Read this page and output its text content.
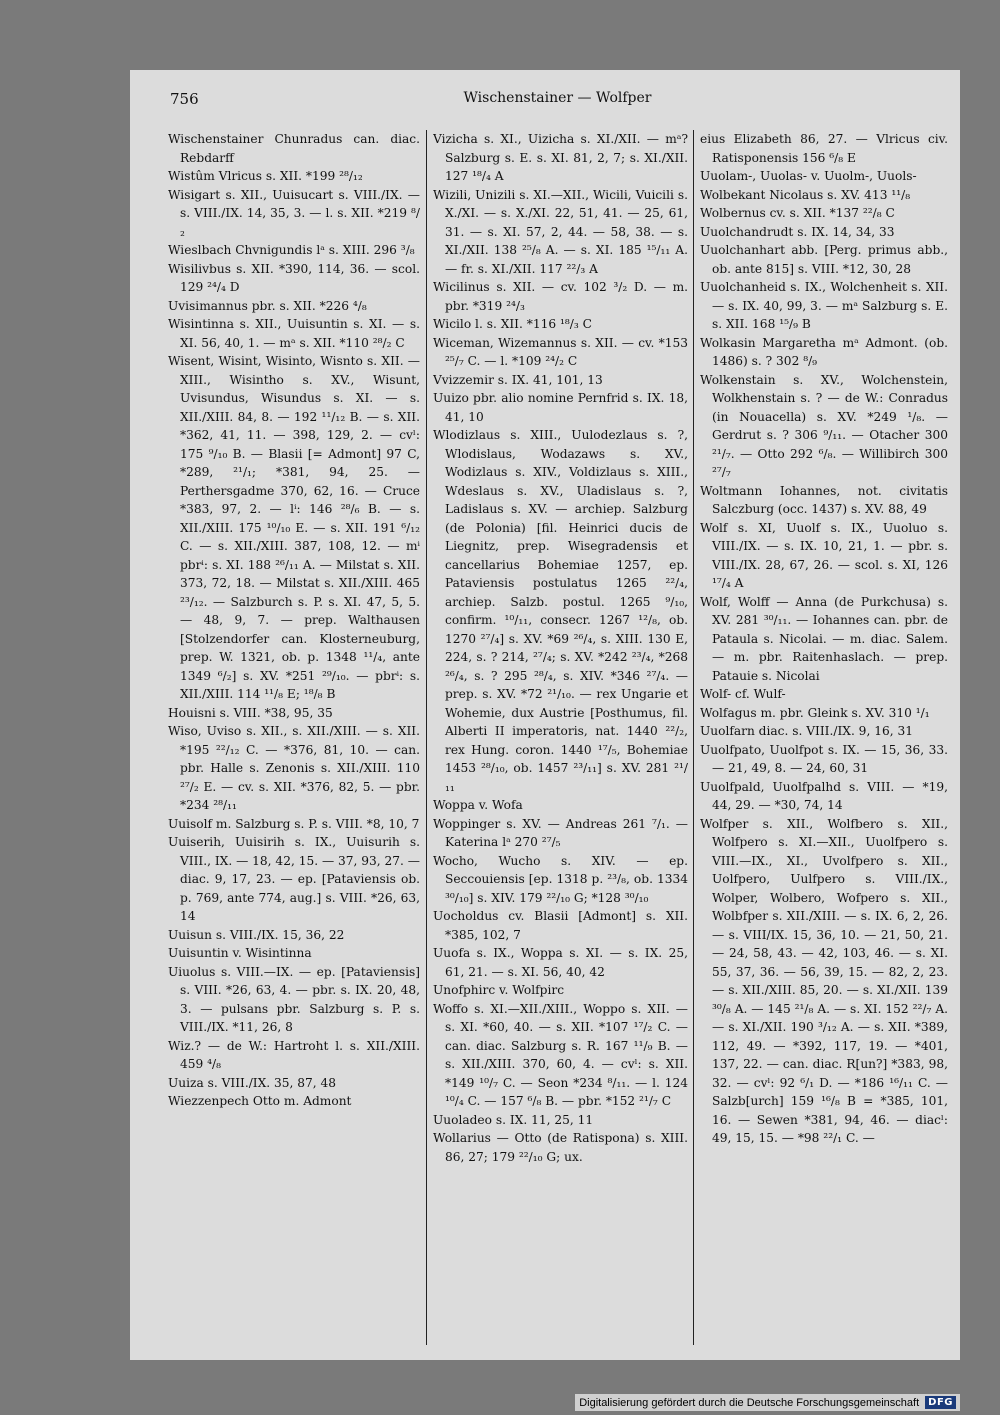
756	Wischenstainer — Wolfper
Wischenstainer Chunradus can. diac. Rebdarff
Wistûm Vlricus s. XII. *199 ²⁸/₁₂
Wisigart s. XII., Uuisucart s. VIII./IX. — s. VIII./IX. 14, 35, 3. — l. s. XII. *219 ⁸/₂
Wieslbach Chvnigundis lᵃ s. XIII. 296 ³/₈
Wisilivbus s. XII. *390, 114, 36. — scol. 129 ²⁴/₄ D
Uvisimannus pbr. s. XII. *226 ⁴/₈
Wisintinna s. XII., Uuisuntin s. XI. — s. XI. 56, 40, 1. — mᵃ s. XII. *110 ²⁸/₂ C
Wisent, Wisint, Wisinto, Wisnto s. XII. — XIII., Wisintho s. XV., Wisunt, Uvisundus, Wisundus s. XI. — s. XII./XIII. 84, 8. — 192 ¹¹/₁₂ B. — s. XII. *362, 41, 11. — 398, 129, 2. — cvˡ: 175 ⁹/₁₀ B. — Blasii [= Admont] 97 C, *289, ²¹/₁; *381, 94, 25. — Perthersgadme 370, 62, 16. — Cruce *383, 97, 2. — lⁱ: 146 ²⁸/₆ B. — s. XII./XIII. 175 ¹⁰/₁₀ E. — s. XII. 191 ⁶/₁₂ C. — s. XII./XIII. 387, 108, 12. — mⁱ pbrⁱ: s. XI. 188 ²⁶/₁₁ A. — Milstat s. XII. 373, 72, 18. — Milstat s. XII./XIII. 465 ²³/₁₂. — Salzburch s. P. s. XI. 47, 5, 5. — 48, 9, 7. — prep. Walthausen [Stolzendorfer can. Klosterneuburg, prep. W. 1321, ob. p. 1348 ¹¹/₄, ante 1349 ⁶/₂] s. XV. *251 ²⁹/₁₀. — pbrⁱ: s. XII./XIII. 114 ¹¹/₈ E; ¹⁸/₈ B
Houisni s. VIII. *38, 95, 35
Wiso, Uviso s. XII., s. XII./XIII. — s. XII. *195 ²²/₁₂ C. — *376, 81, 10. — can. pbr. Halle s. Zenonis s. XII./XIII. 110 ²⁷/₂ E. — cv. s. XII. *376, 82, 5. — pbr. *234 ²⁸/₁₁
Uuisolf m. Salzburg s. P. s. VIII. *8, 10, 7
Uuiserih, Uuisirih s. IX., Uuisurih s. VIII., IX. — 18, 42, 15. — 37, 93, 27. — diac. 9, 17, 23. — ep. [Pataviensis ob. p. 769, ante 774, aug.] s. VIII. *26, 63, 14
Uuisun s. VIII./IX. 15, 36, 22
Uuisuntin v. Wisintinna
Uiuolus s. VIII.—IX. — ep. [Pataviensis] s. VIII. *26, 63, 4. — pbr. s. IX. 20, 48, 3. — pulsans pbr. Salzburg s. P. s. VIII./IX. *11, 26, 8
Wiz.? — de W.: Hartroht l. s. XII./XIII. 459 ⁴/₈
Uuiza s. VIII./IX. 35, 87, 48
Wiezzenpech Otto m. Admont
Vizicha s. XI., Uizicha s. XI./XII. — mᵃ? Salzburg s. E. s. XI. 81, 2, 7; s. XI./XII. 127 ¹⁸/₄ A
Wizili, Unizili s. XI.—XII., Wicili, Vuicili s. X./XI. — s. X./XI. 22, 51, 41. — 25, 61, 31. — s. XI. 57, 2, 44. — 58, 38. — s. XI./XII. 138 ²⁵/₈ A. — s. XI. 185 ¹⁵/₁₁ A. — fr. s. XI./XII. 117 ²²/₃ A
Wicilinus s. XII. — cv. 102 ³/₂ D. — m. pbr. *319 ²⁴/₃
Wicilo l. s. XII. *116 ¹⁸/₃ C
Wiceman, Wizemannus s. XII. — cv. *153 ²⁵/₇ C. — l. *109 ²⁴/₂ C
Vvizzemir s. IX. 41, 101, 13
Uuizo pbr. alio nomine Pernfrid s. IX. 18, 41, 10
Wlodizlaus s. XIII., Uulodezlaus s. ?, Wlodislaus, Wodazaws s. XV., Wodizlaus s. XIV., Voldizlaus s. XIII., Wdeslaus s. XV., Uladislaus s. ?, Ladislaus s. XV. — archiep. Salzburg (de Polonia) [fil. Heinrici ducis de Liegnitz, prep. Wisegradensis et cancellarius Bohemiae 1257, ep. Pataviensis postulatus 1265 ²²/₄, archiep. Salzb. postul. 1265 ⁹/₁₀, confirm. ¹⁰/₁₁, consecr. 1267 ¹²/₈, ob. 1270 ²⁷/₄] s. XV. *69 ²⁶/₄, s. XIII. 130 E, 224, s. ? 214, ²⁷/₄; s. XV. *242 ²³/₄, *268 ²⁶/₄, s. ? 295 ²⁸/₄, s. XIV. *346 ²⁷/₄. — prep. s. XV. *72 ²¹/₁₀. — rex Ungarie et Wohemie, dux Austrie [Posthumus, fil. Alberti II imperatoris, nat. 1440 ²²/₂, rex Hung. coron. 1440 ¹⁷/₅, Bohemiae 1453 ²⁸/₁₀, ob. 1457 ²³/₁₁] s. XV. 281 ²¹/₁₁
Woppa v. Wofa
Woppinger s. XV. — Andreas 261 ⁷/₁. — Katerina lᵃ 270 ²⁷/₅
Wocho, Wucho s. XIV. — ep. Seccouiensis [ep. 1318 p. ²³/₈, ob. 1334 ³⁰/₁₀] s. XIV. 179 ²²/₁₀ G; *128 ³⁰/₁₀
Uocholdus cv. Blasii [Admont] s. XII. *385, 102, 7
Uuofa s. IX., Woppa s. XI. — s. IX. 25, 61, 21. — s. XI. 56, 40, 42
Unofphirc v. Wolfpirc
Woffo s. XI.—XII./XIII., Woppo s. XII. — s. XI. *60, 40. — s. XII. *107 ¹⁷/₂ C. — can. diac. Salzburg s. R. 167 ¹¹/₉ B. — s. XII./XIII. 370, 60, 4. — cvˡ: s. XII. *149 ¹⁰/₇ C. — Seon *234 ⁸/₁₁. — l. 124 ¹⁰/₄ C. — 157 ⁶/₈ B. — pbr. *152 ²¹/₇ C
Uuoladeo s. IX. 11, 25, 11
Wollarius — Otto (de Ratispona) s. XIII. 86, 27; 179 ²²/₁₀ G; ux.
eius Elizabeth 86, 27. — Vlricus civ. Ratisponensis 156 ⁶/₈ E
Uuolam-, Uuolas- v. Uuolm-, Uuols-
Wolbekant Nicolaus s. XV. 413 ¹¹/₈
Wolbernus cv. s. XII. *137 ²²/₈ C
Uuolchandrudt s. IX. 14, 34, 33
Uuolchanhart abb. [Perg. primus abb., ob. ante 815] s. VIII. *12, 30, 28
Uuolchanheid s. IX., Wolchenheit s. XII. — s. IX. 40, 99, 3. — mᵃ Salzburg s. E. s. XII. 168 ¹⁵/₉ B
Wolkasin Margaretha mᵃ Admont. (ob. 1486) s. ? 302 ⁸/₉
Wolkenstain s. XV., Wolchenstein, Wolkhenstain s. ? — de W.: Conradus (in Nouacella) s. XV. *249 ¹/₈. — Gerdrut s. ? 306 ⁹/₁₁. — Otacher 300 ²¹/₇. — Otto 292 ⁶/₈. — Willibirch 300 ²⁷/₇
Woltmann Iohannes, not. civitatis Salczburg (occ. 1437) s. XV. 88, 49
Wolf s. XI, Uuolf s. IX., Uuoluo s. VIII./IX. — s. IX. 10, 21, 1. — pbr. s. VIII./IX. 28, 67, 26. — scol. s. XI, 126 ¹⁷/₄ A
Wolf, Wolff — Anna (de Purkchusa) s. XV. 281 ³⁰/₁₁. — Iohannes can. pbr. de Pataula s. Nicolai. — m. diac. Salem. — m. pbr. Raitenhaslach. — prep. Patauie s. Nicolai
Wolf- cf. Wulf-
Wolfagus m. pbr. Gleink s. XV. 310 ¹/₁
Uuolfarn diac. s. VIII./IX. 9, 16, 31
Uuolfpato, Uuolfpot s. IX. — 15, 36, 33. — 21, 49, 8. — 24, 60, 31
Uuolfpald, Uuolfpalhd s. VIII. — *19, 44, 29. — *30, 74, 14
Wolfper s. XII., Wolfbero s. XII., Wolfpero s. XI.—XII., Uuolfpero s. VIII.—IX., XI., Uvolfpero s. XII., Uolfpero, Uulfpero s. VIII./IX., Wolper, Wolbero, Wofpero s. XII., Wolbfper s. XII./XIII. — s. IX. 6, 2, 26. — s. VIII/IX. 15, 36, 10. — 21, 50, 21. — 24, 58, 43. — 42, 103, 46. — s. XI. 55, 37, 36. — 56, 39, 15. — 82, 2, 23. — s. XII./XIII. 85, 20. — s. XI./XII. 139 ³⁰/₈ A. — 145 ²¹/₈ A. — s. XI. 152 ²²/₇ A. — s. XI./XII. 190 ³/₁₂ A. — s. XII. *389, 112, 49. — *392, 117, 19. — *401, 137, 22. — can. diac. R[un?] *383, 98, 32. — cvˡ: 92 ⁶/₁ D. — *186 ¹⁶/₁₁ C. — Salzb[urch] 159 ¹⁶/₈ B = *385, 101, 16. — Sewen *381, 94, 46. — diacˡ: 49, 15, 15. — *98 ²²/₁ C. —
Digitalisierung gefördert durch die Deutsche Forschungsgemeinschaft DFG
